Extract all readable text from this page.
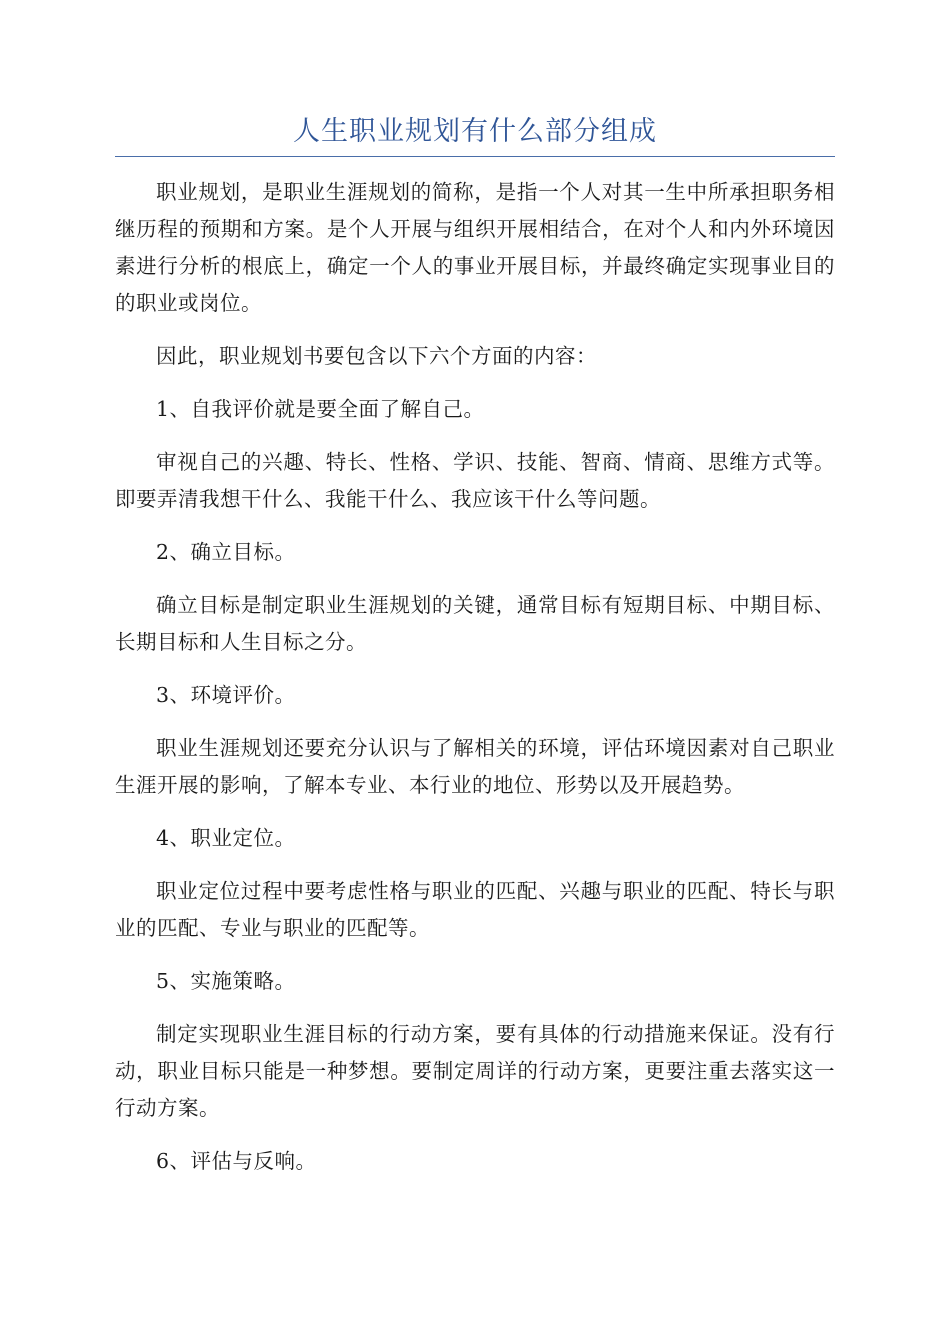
人生职业规划有什么部分组成

职业规划，是职业生涯规划的简称，是指一个人对其一生中所承担职务相继历程的预期和方案。是个人开展与组织开展相结合，在对个人和内外环境因素进行分析的根底上，确定一个人的事业开展目标，并最终确定实现事业目的的职业或岗位。

因此，职业规划书要包含以下六个方面的内容：

1、自我评价就是要全面了解自己。

审视自己的兴趣、特长、性格、学识、技能、智商、情商、思维方式等。即要弄清我想干什么、我能干什么、我应该干什么等问题。

2、确立目标。

确立目标是制定职业生涯规划的关键，通常目标有短期目标、中期目标、长期目标和人生目标之分。

3、环境评价。

职业生涯规划还要充分认识与了解相关的环境，评估环境因素对自己职业生涯开展的影响，了解本专业、本行业的地位、形势以及开展趋势。

4、职业定位。

职业定位过程中要考虑性格与职业的匹配、兴趣与职业的匹配、特长与职业的匹配、专业与职业的匹配等。

5、实施策略。

制定实现职业生涯目标的行动方案，要有具体的行动措施来保证。没有行动，职业目标只能是一种梦想。要制定周详的行动方案，更要注重去落实这一行动方案。

6、评估与反响。
